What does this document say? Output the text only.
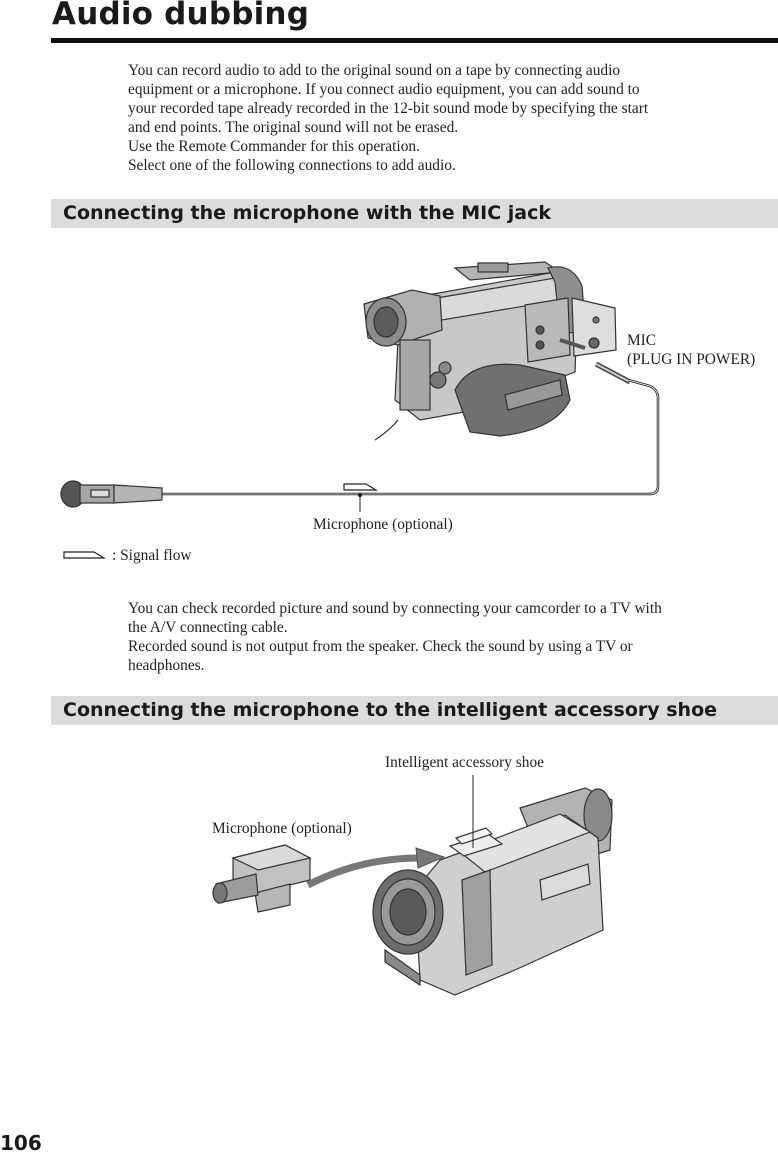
Audio dubbing
You can record audio to add to the original sound on a tape by connecting audio
equipment or a microphone. If you connect audio equipment, you can add sound to
your recorded tape already recorded in the 12-bit sound mode by specifying the start
and end points. The original sound will not be erased.
Use the Remote Commander for this operation.
Select one of the following connections to add audio.
Connecting the microphone with the MIC jack
MIC
(PLUG IN POWER)
Microphone (optional)
: Signal flow
You can check recorded picture and sound by connecting your camcorder to a TV with
the A/V connecting cable.
Recorded sound is not output from the speaker. Check the sound by using a TV or
headphones.
Connecting the microphone to the intelligent accessory shoe
Intelligent accessory shoe
Microphone (optional)
106
